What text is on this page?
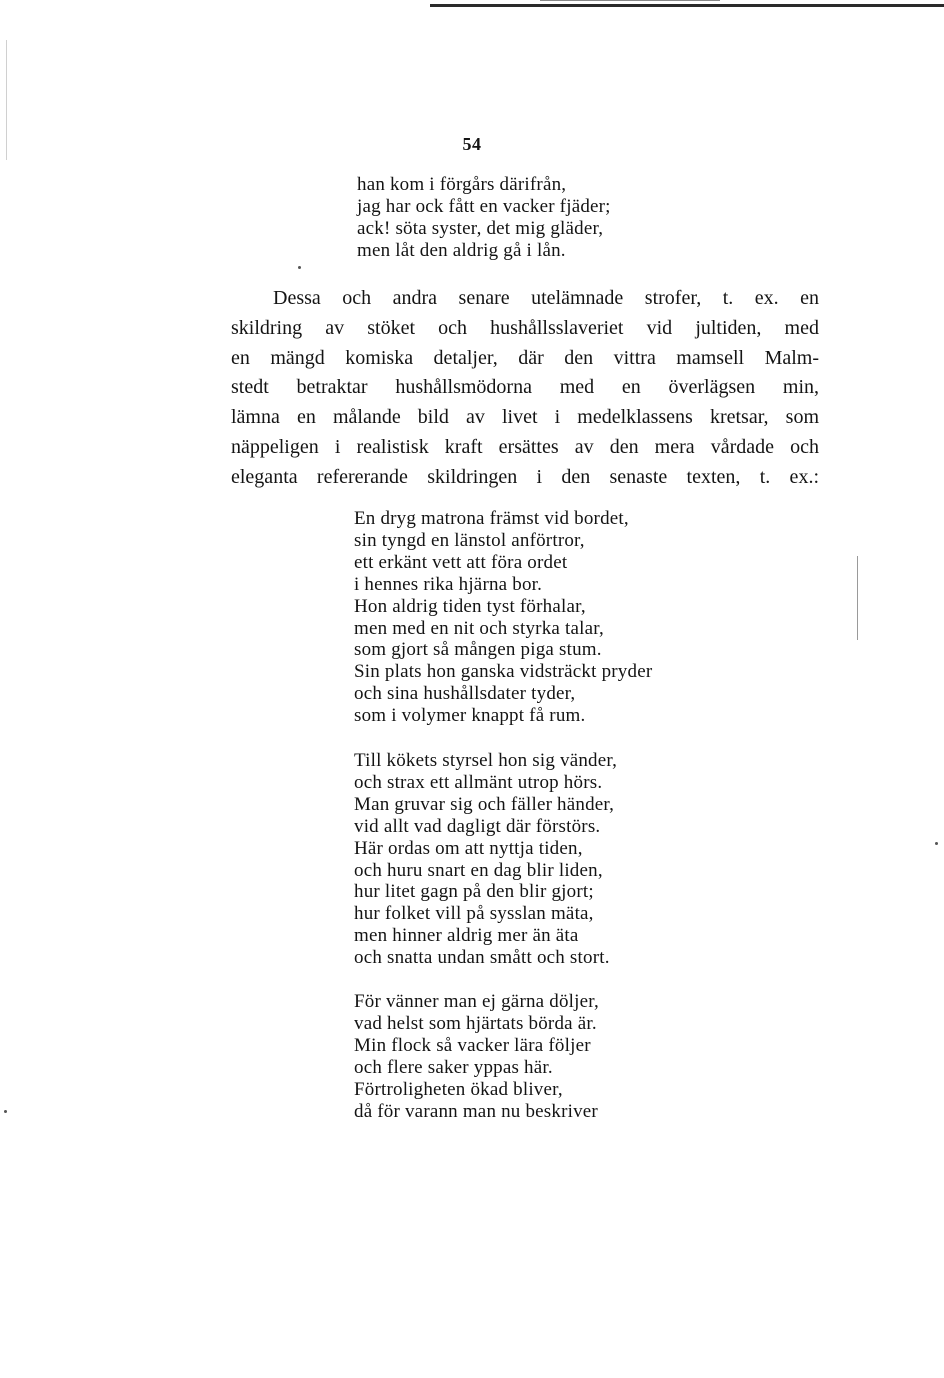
54
han kom i förgårs därifrån,
jag har ock fått en vacker fjäder;
ack! söta syster, det mig gläder,
men låt den aldrig gå i lån.
Dessa och andra senare utelämnade strofer, t. ex. en
skildring av stöket och hushållsslaveriet vid jultiden, med
en mängd komiska detaljer, där den vittra mamsell Malm-
stedt betraktar hushållsmödorna med en överlägsen min,
lämna en målande bild av livet i medelklassens kretsar, som
näppeligen i realistisk kraft ersättes av den mera vårdade och
eleganta refererande skildringen i den senaste texten, t. ex.:
En dryg matrona främst vid bordet,
sin tyngd en länstol anförtror,
ett erkänt vett att föra ordet
i hennes rika hjärna bor.
Hon aldrig tiden tyst förhalar,
men med en nit och styrka talar,
som gjort så mången piga stum.
Sin plats hon ganska vidsträckt pryder
och sina hushållsdater tyder,
som i volymer knappt få rum.
Till kökets styrsel hon sig vänder,
och strax ett allmänt utrop hörs.
Man gruvar sig och fäller händer,
vid allt vad dagligt där förstörs.
Här ordas om att nyttja tiden,
och huru snart en dag blir liden,
hur litet gagn på den blir gjort;
hur folket vill på sysslan mäta,
men hinner aldrig mer än äta
och snatta undan smått och stort.
För vänner man ej gärna döljer,
vad helst som hjärtats börda är.
Min flock så vacker lära följer
och flere saker yppas här.
Förtroligheten ökad bliver,
då för varann man nu beskriver
